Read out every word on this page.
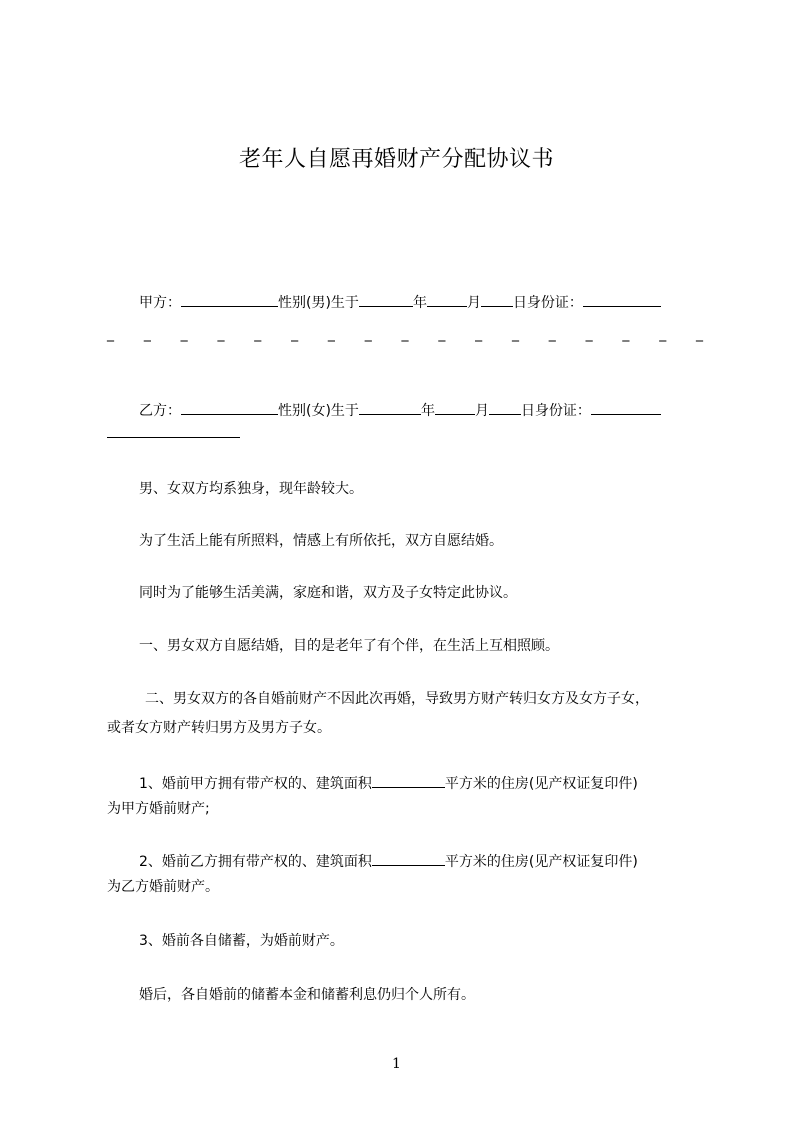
老年人自愿再婚财产分配协议书
甲方：	性别(男)生于	年	月 日身份证：
_ _ _ _ _ _ _ _ _ _ _ _ _ _ _ _ _
乙方：	性别(女)生于	年	月 日身份证：
男、女双方均系独身，现年龄较大。
为了生活上能有所照料，情感上有所依托，双方自愿结婚。
同时为了能够生活美满，家庭和谐，双方及子女特定此协议。
一、男女双方自愿结婚，目的是老年了有个伴，在生活上互相照顾。
二、男女双方的各自婚前财产不因此次再婚，导致男方财产转归女方及女方子女，
或者女方财产转归男方及男方子女。
1、婚前甲方拥有带产权的、建筑面积	平方米的住房(见产权证复印件)
为甲方婚前财产;
2、婚前乙方拥有带产权的、建筑面积	平方米的住房(见产权证复印件)
为乙方婚前财产。
3、婚前各自储蓄，为婚前财产。
婚后，各自婚前的储蓄本金和储蓄利息仍归个人所有。
1
